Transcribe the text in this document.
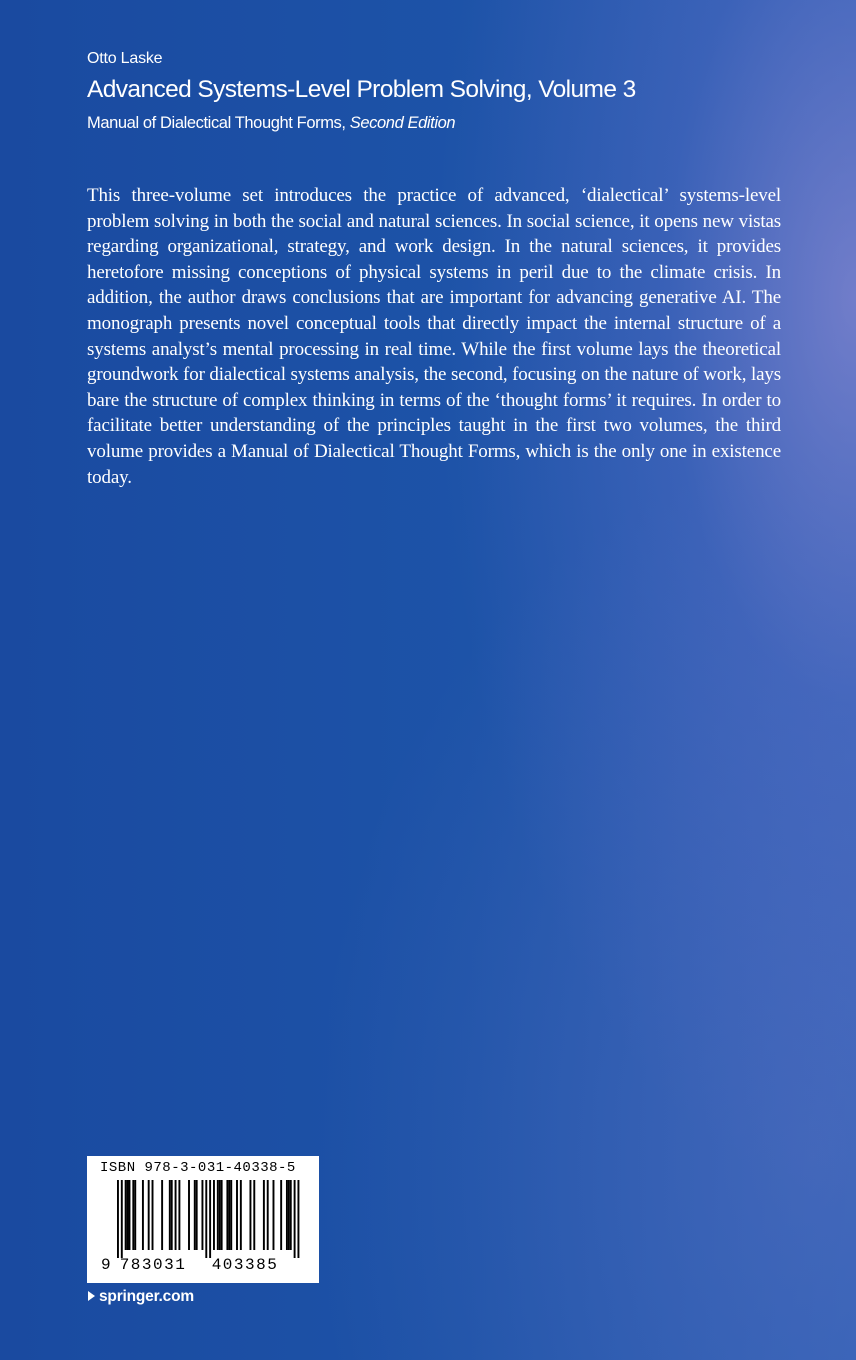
Otto Laske
Advanced Systems-Level Problem Solving, Volume 3
Manual of Dialectical Thought Forms, Second Edition

This three-volume set introduces the practice of advanced, ‘dialectical’ systems-level problem solving in both the social and natural sciences. In social science, it opens new vistas regarding organizational, strategy, and work design. In the natural sciences, it provides heretofore missing conceptions of physical systems in peril due to the climate crisis. In addition, the author draws conclusions that are important for advancing generative AI. The monograph presents novel conceptual tools that directly impact the internal structure of a systems analyst’s mental processing in real time. While the first volume lays the theoretical groundwork for dialectical systems analysis, the second, focusing on the nature of work, lays bare the structure of complex thinking in terms of the ‘thought forms’ it requires. In order to facilitate better understanding of the principles taught in the first two volumes, the third volume provides a Manual of Dialectical Thought Forms, which is the only one in existence today.

ISBN 978-3-031-40338-5
9 783031 403385
springer.com
